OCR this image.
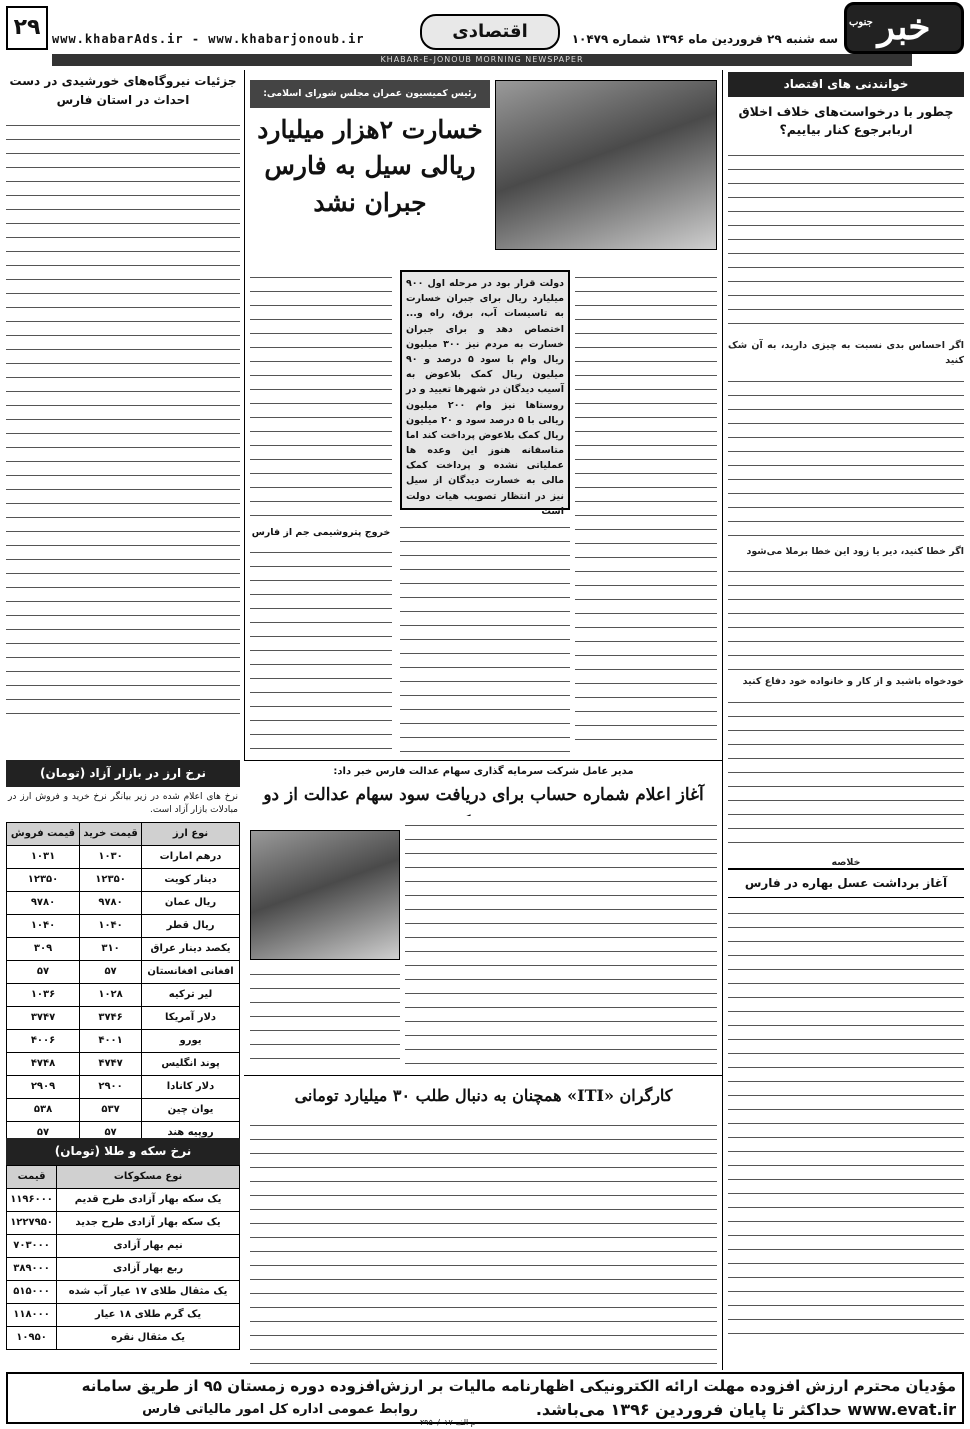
۲۹ www.khabarAds.ir - www.khabarjonoub.ir	اقتصادی	جنوب خبر
سه شنبه ۲۹ فروردین ماه ۱۳۹۶ شماره ۱۰۴۷۹
KHABAR-E-JONOUB MORNING NEWSPAPER
خوانندنی های اقتصاد
چطور با درخواست‌های خلاف اخلاق اربابرجوع کنار بیاییم؟

اگر احساس بدی نسبت به چیزی دارید، به آن شک کنید

اگر خطا کنید، دیر یا زود این خطا برملا می‌شود

خودخواه باشید و از کار و خانواده خود دفاع کنید

خلاصه
آغاز برداشت عسل بهاره در فارس

رئیس کمیسیون عمران مجلس شورای اسلامی:
خسارت ۲هزار میلیارد ریالی سیل به فارس جبران نشد
دولت قرار بود در مرحله اول ۹۰۰ میلیارد ریال برای جبران خسارت به تاسیسات آب، برق، راه و... اختصاص دهد و برای جبران خسارت به مردم نیز ۳۰۰ میلیون ریال وام با سود ۵ درصد و ۹۰ میلیون ریال کمک بلاعوض به آسیب دیدگان در شهرها تعیید و در روستاها نیز وام ۲۰۰ میلیون ریالی با ۵ درصد سود و ۲۰ میلیون ریال کمک بلاعوض پرداخت کند اما متاسفانه هنوز این وعده ها عملیاتی نشده و پرداخت کمک مالی به خسارت دیدگان از سیل نیز در انتظار تصویب هیات دولت است

خروج پتروشیمی جم از فارس

جزئیات نیروگاه‌های خورشیدی در دست احداث در استان فارس

نرخ ارز در بازار آزاد (تومان)
نرخ های اعلام شده در زیر بیانگر نرخ خرید و فروش ارز در مبادلات بازار آزاد است.
نوع ارز	قیمت خرید	قیمت فروش
درهم امارات	۱۰۳۰	۱۰۳۱
دینار کویت	۱۲۳۵۰	۱۲۳۵۰
ریال عمان	۹۷۸۰	۹۷۸۰
ریال قطر	۱۰۴۰	۱۰۴۰
یکصد دینار عراق	۳۱۰	۳۰۹
افغانی افغانستان	۵۷	۵۷
لیر ترکیه	۱۰۲۸	۱۰۳۶
دلار آمریکا	۳۷۴۶	۳۷۴۷
یورو	۴۰۰۱	۴۰۰۶
پوند انگلیس	۴۷۴۷	۴۷۴۸
دلار کانادا	۲۹۰۰	۲۹۰۹
یوان چین	۵۳۷	۵۳۸
روپیه هند	۵۷	۵۷
نرخ سکه و طلا (تومان)
نوع مسکوکات	قیمت
یک سکه بهار آزادی طرح قدیم	۱۱۹۶۰۰۰
یک سکه بهار آزادی طرح جدید	۱۲۲۷۹۵۰
نیم بهار آزادی	۷۰۳۰۰۰
ربع بهار آزادی	۳۸۹۰۰۰
یک مثقال طلای ۱۷ عیار آب شده	۵۱۵۰۰۰
یک گرم طلای ۱۸ عیار	۱۱۸۰۰۰
یک مثقال نقره	۱۰۹۵۰
مدیر عامل شرکت سرمایه گذاری سهام عدالت فارس خبر داد:
آغاز اعلام شماره حساب برای دریافت سود سهام عدالت از دو

کارگران «ITI» همچنان به دنبال طلب ۳۰ میلیارد تومانی

مؤدیان محترم ارزش افزوده مهلت ارائه الکترونیکی اظهارنامه مالیات بر ارزش‌افزوده دوره زمستان ۹۵ از طریق سامانه
www.evat.ir حداکثر تا پایان فروردین ۱۳۹۶ می‌باشد.
روابط عمومی اداره کل امور مالیاتی فارس
م الف ۲۹۵۰/۰۱۷
